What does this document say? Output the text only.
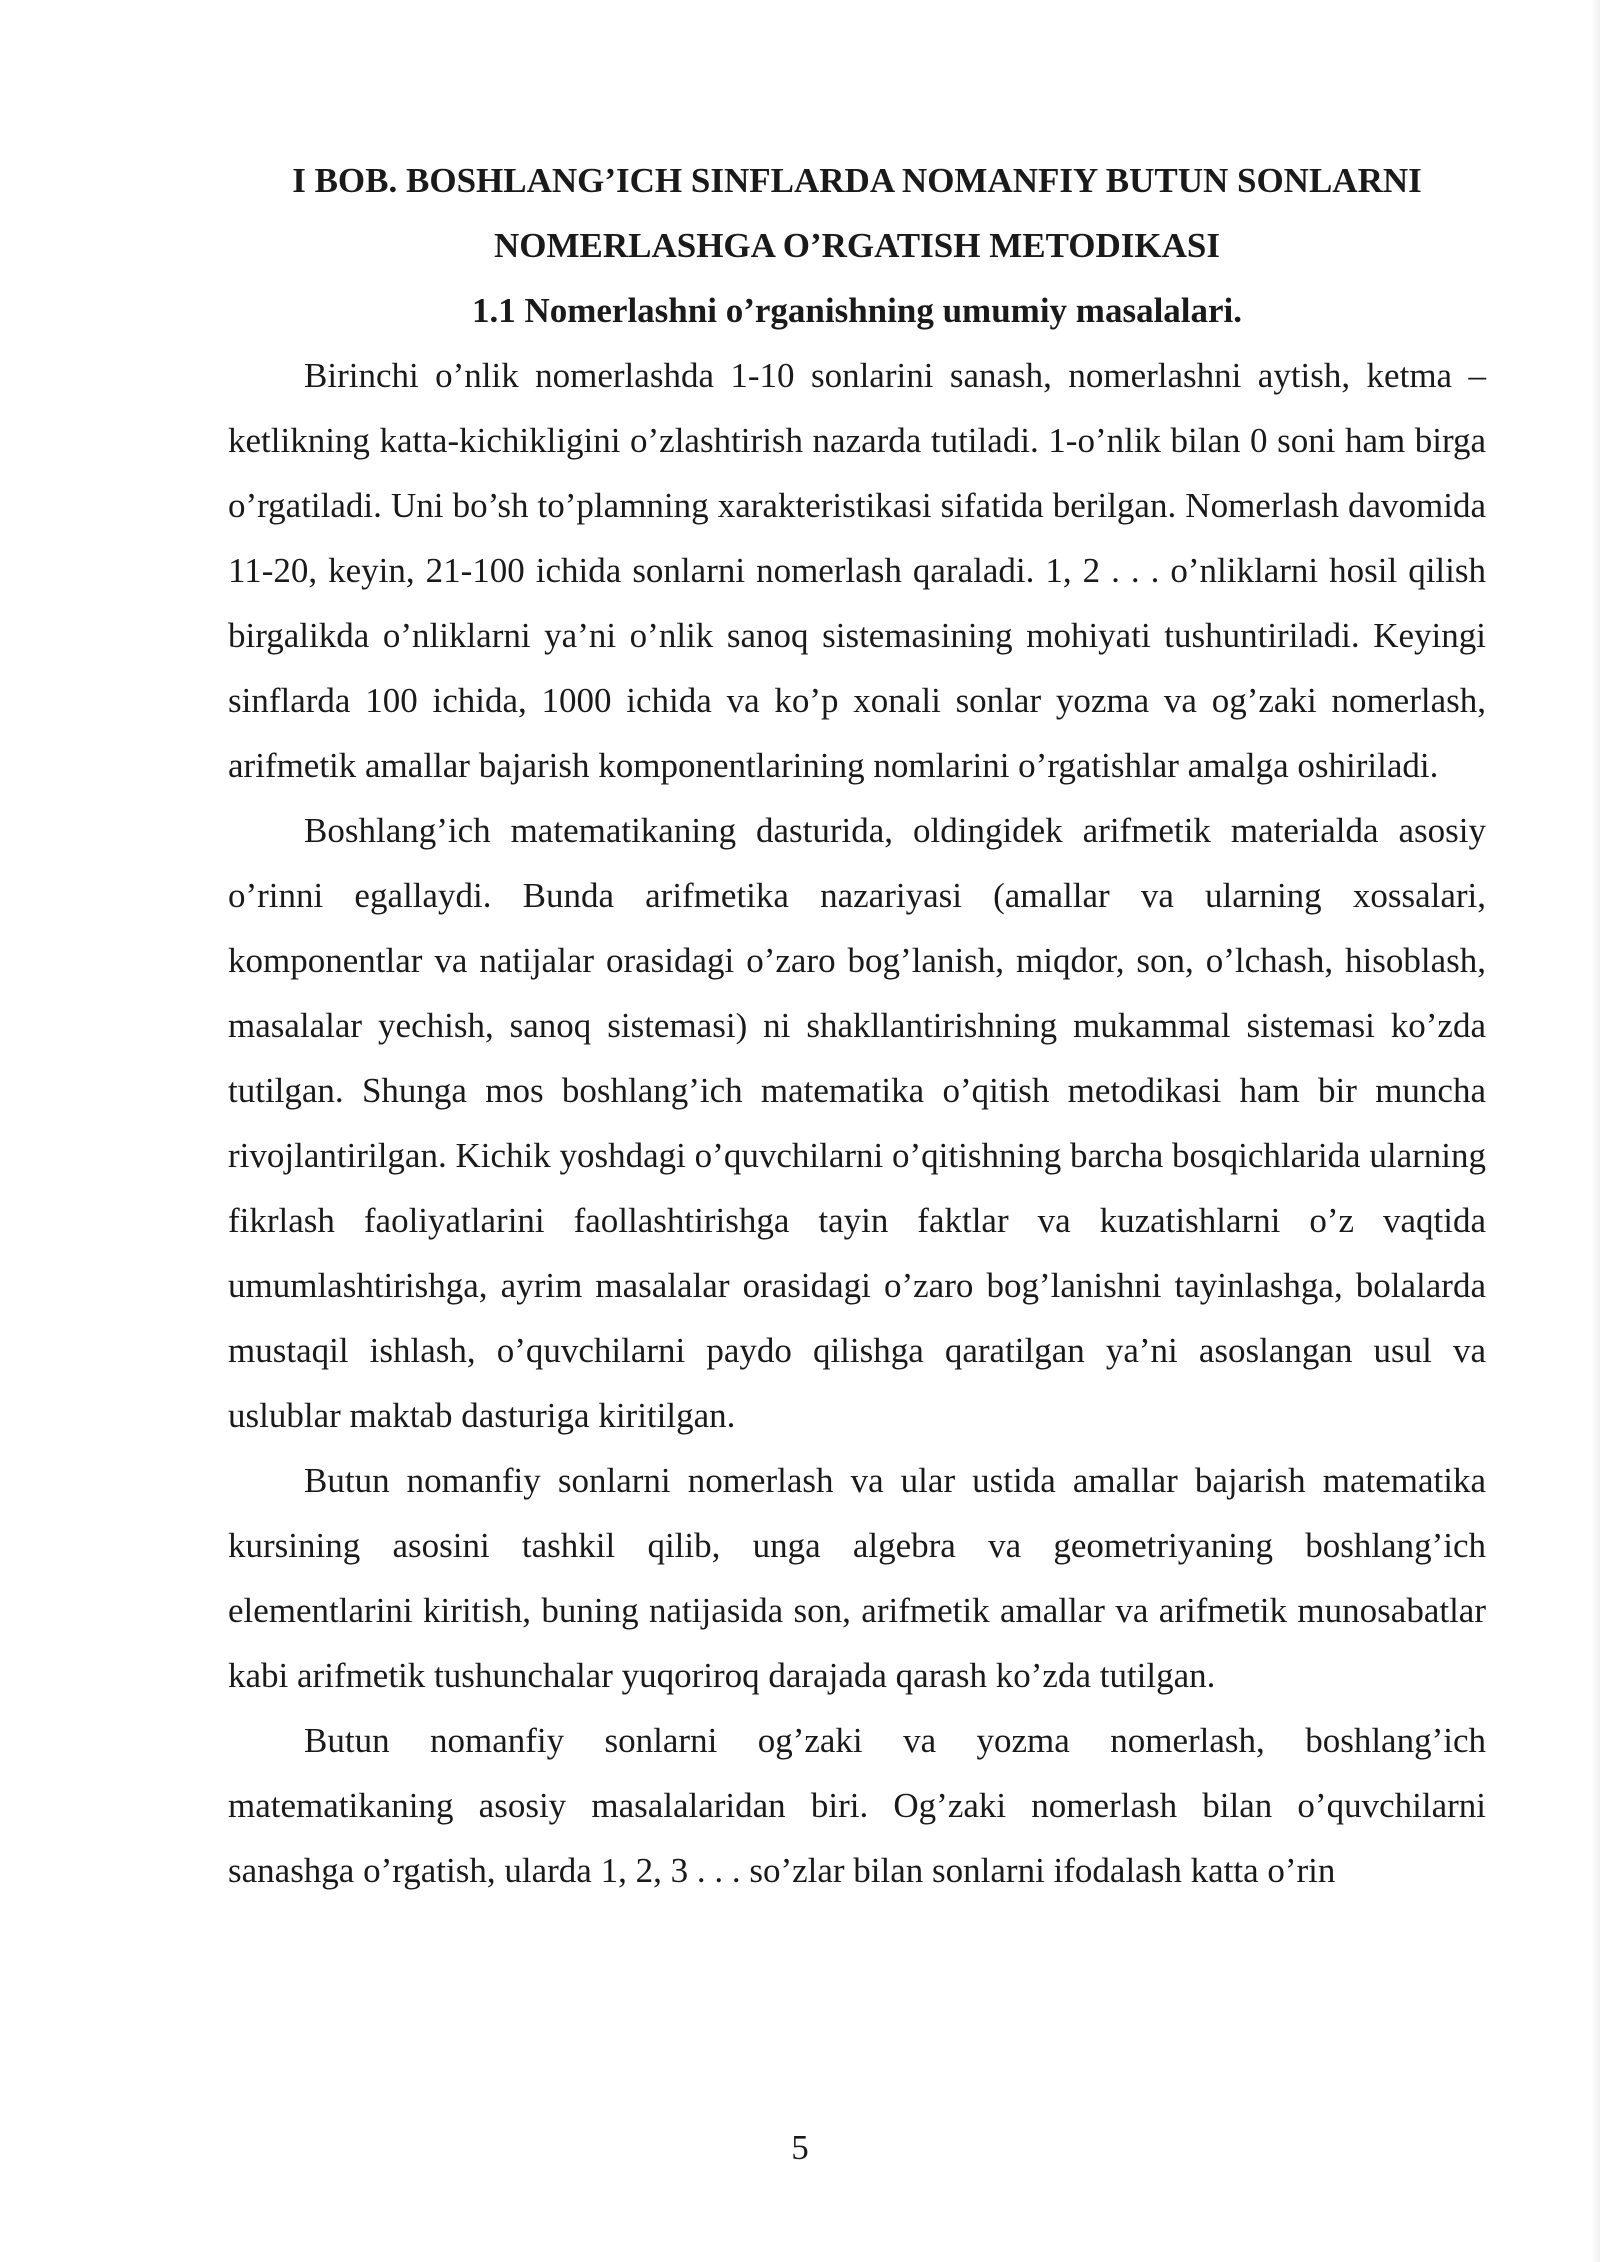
I BOB. BOSHLANG’ICH SINFLARDA NOMANFIY BUTUN SONLARNI

NOMERLASHGA O’RGATISH METODIKASI

1.1 Nomerlashni o’rganishning umumiy masalalari.

Birinchi o’nlik nomerlashda 1-10 sonlarini sanash, nomerlashni aytish, ketma – ketlikning katta-kichikligini o’zlashtirish nazarda tutiladi. 1-o’nlik bilan 0 soni ham birga o’rgatiladi. Uni bo’sh to’plamning xarakteristikasi sifatida berilgan. Nomerlash davomida 11-20, keyin, 21-100 ichida sonlarni nomerlash qaraladi. 1, 2 . . . o’nliklarni hosil qilish birgalikda o’nliklarni ya’ni o’nlik sanoq sistemasining mohiyati tushuntiriladi. Keyingi sinflarda 100 ichida, 1000 ichida va ko’p xonali sonlar yozma va og’zaki nomerlash, arifmetik amallar bajarish komponentlarining nomlarini o’rgatishlar amalga oshiriladi.

Boshlang’ich matematikaning dasturida, oldingidek arifmetik materialda asosiy o’rinni egallaydi. Bunda arifmetika nazariyasi (amallar va ularning xossalari, komponentlar va natijalar orasidagi o’zaro bog’lanish, miqdor, son, o’lchash, hisoblash, masalalar yechish, sanoq sistemasi) ni shakllantirishning mukammal sistemasi ko’zda tutilgan. Shunga mos boshlang’ich matematika o’qitish metodikasi ham bir muncha rivojlantirilgan. Kichik yoshdagi o’quvchilarni o’qitishning barcha bosqichlarida ularning fikrlash faoliyatlarini faollashtirishga tayin faktlar va kuzatishlarni o’z vaqtida umumlashtirishga, ayrim masalalar orasidagi o’zaro bog’lanishni tayinlashga, bolalarda mustaqil ishlash, o’quvchilarni paydo qilishga qaratilgan ya’ni asoslangan usul va uslublar maktab dasturiga kiritilgan.

Butun nomanfiy sonlarni nomerlash va ular ustida amallar bajarish matematika kursining asosini tashkil qilib, unga algebra va geometriyaning boshlang’ich elementlarini kiritish, buning natijasida son, arifmetik amallar va arifmetik munosabatlar kabi arifmetik tushunchalar yuqoriroq darajada qarash ko’zda tutilgan.

Butun nomanfiy sonlarni og’zaki va yozma nomerlash, boshlang’ich matematikaning asosiy masalalaridan biri. Og’zaki nomerlash bilan o’quvchilarni sanashga o’rgatish, ularda 1, 2, 3 . . . so’zlar bilan sonlarni ifodalash katta o’rin

5
